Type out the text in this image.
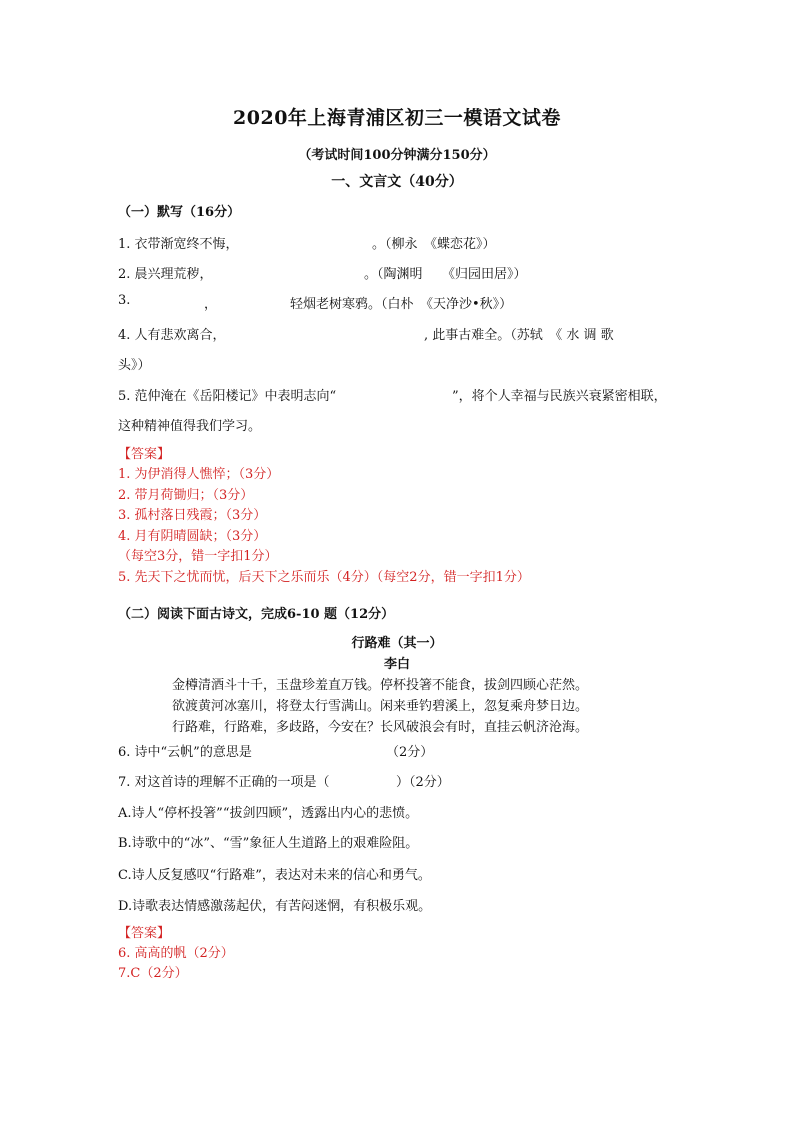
2020年上海青浦区初三一模语文试卷
（考试时间100分钟满分150分）
一、文言文（40分）
（一）默写（16分）
1. 衣带渐宽终不悔，	。（柳永　《蝶恋花》）
2. 晨兴理荒秽，	。（陶渊明　　《归园田居》）
3.	，	轻烟老树寒鸦。（白朴　《天净沙•秋》）
4. 人有悲欢离合，	, 此事古难全。（苏轼　《 水 调 歌
头》）
5. 范仲淹在《岳阳楼记》中表明志向“	”，将个人幸福与民族兴衰紧密相联，
这种精神值得我们学习。
【答案】
1. 为伊消得人憔悴；（3分）
2. 带月荷锄归；（3分）
3. 孤村落日残霞；（3分）
4. 月有阴晴圆缺；（3分）
（每空3分，错一字扣1分）
5. 先天下之忧而忧，后天下之乐而乐（4分）（每空2分，错一字扣1分）
（二）阅读下面古诗文，完成6-10 题（12分）
行路难（其一）
李白
金樽清酒斗十千，玉盘珍羞直万钱。停杯投箸不能食，拔剑四顾心茫然。
欲渡黄河冰塞川，将登太行雪满山。闲来垂钓碧溪上，忽复乘舟梦日边。
行路难，行路难，多歧路，今安在？长风破浪会有时，直挂云帆济沧海。
6. 诗中“云帆”的意思是	（2分）
7. 对这首诗的理解不正确的一项是（	）（2分）
A.诗人“停杯投箸”“拔剑四顾”，透露出内心的悲愤。
B.诗歌中的“冰”、“雪”象征人生道路上的艰难险阻。
C.诗人反复感叹“行路难”，表达对未来的信心和勇气。
D.诗歌表达情感激荡起伏，有苦闷迷惘，有积极乐观。
【答案】
6. 高高的帆（2分）
7.C（2分）
